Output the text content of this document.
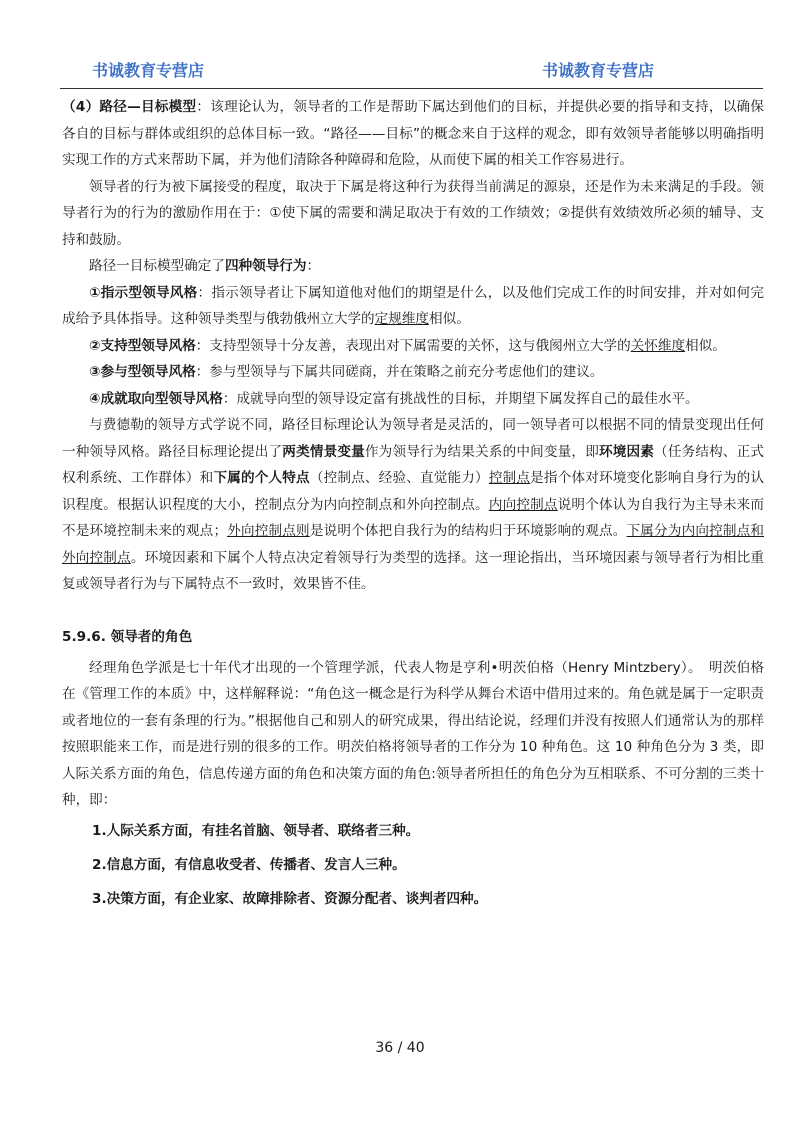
书诚教育专营店	书诚教育专营店

（4）路径—目标模型：该理论认为，领导者的工作是帮助下属达到他们的目标，并提供必要的指导和支持，以确保各自的目标与群体或组织的总体目标一致。“路径——目标”的概念来自于这样的观念，即有效领导者能够以明确指明实现工作的方式来帮助下属，并为他们清除各种障碍和危险，从而使下属的相关工作容易进行。

领导者的行为被下属接受的程度，取决于下属是将这种行为获得当前满足的源泉，还是作为未来满足的手段。领导者行为的行为的激励作用在于：①使下属的需要和满足取决于有效的工作绩效；②提供有效绩效所必须的辅导、支持和鼓励。

路径一目标模型确定了四种领导行为：

①指示型领导风格：指示领导者让下属知道他对他们的期望是什么，以及他们完成工作的时间安排，并对如何完成给予具体指导。这种领导类型与俄勃俄州立大学的定规维度相似。

②支持型领导风格：支持型领导十分友善，表现出对下属需要的关怀，这与俄阂州立大学的关怀维度相似。

③参与型领导风格：参与型领导与下属共同磋商，并在策略之前充分考虑他们的建议。

④成就取向型领导风格：成就导向型的领导设定富有挑战性的目标，并期望下属发挥自己的最佳水平。

与费德勒的领导方式学说不同，路径目标理论认为领导者是灵活的，同一领导者可以根据不同的情景变现出任何一种领导风格。路径目标理论提出了两类情景变量作为领导行为结果关系的中间变量，即环境因素（任务结构、正式权利系统、工作群体）和下属的个人特点（控制点、经验、直觉能力）控制点是指个体对环境变化影响自身行为的认识程度。根据认识程度的大小，控制点分为内向控制点和外向控制点。内向控制点说明个体认为自我行为主导未来而不是环境控制未来的观点；外向控制点则是说明个体把自我行为的结构归于环境影响的观点。下属分为内向控制点和外向控制点。环境因素和下属个人特点决定着领导行为类型的选择。这一理论指出，当环境因素与领导者行为相比重复或领导者行为与下属特点不一致时，效果皆不佳。

5.9.6. 领导者的角色

经理角色学派是七十年代才出现的一个管理学派，代表人物是亨利•明茨伯格（Henry Mintzbery）。　明茨伯格在《管理工作的本质》中，这样解释说：“角色这一概念是行为科学从舞台术语中借用过来的。角色就是属于一定职责或者地位的一套有条理的行为。”根据他自己和别人的研究成果，得出结论说，经理们并没有按照人们通常认为的那样按照职能来工作，而是进行别的很多的工作。明茨伯格将领导者的工作分为 10 种角色。这 10 种角色分为 3 类，即人际关系方面的角色，信息传递方面的角色和决策方面的角色:领导者所担任的角色分为互相联系、不可分割的三类十种，即：

1.人际关系方面，有挂名首脑、领导者、联络者三种。

2.信息方面，有信息收受者、传播者、发言人三种。

3.决策方面，有企业家、故障排除者、资源分配者、谈判者四种。

36 / 40
